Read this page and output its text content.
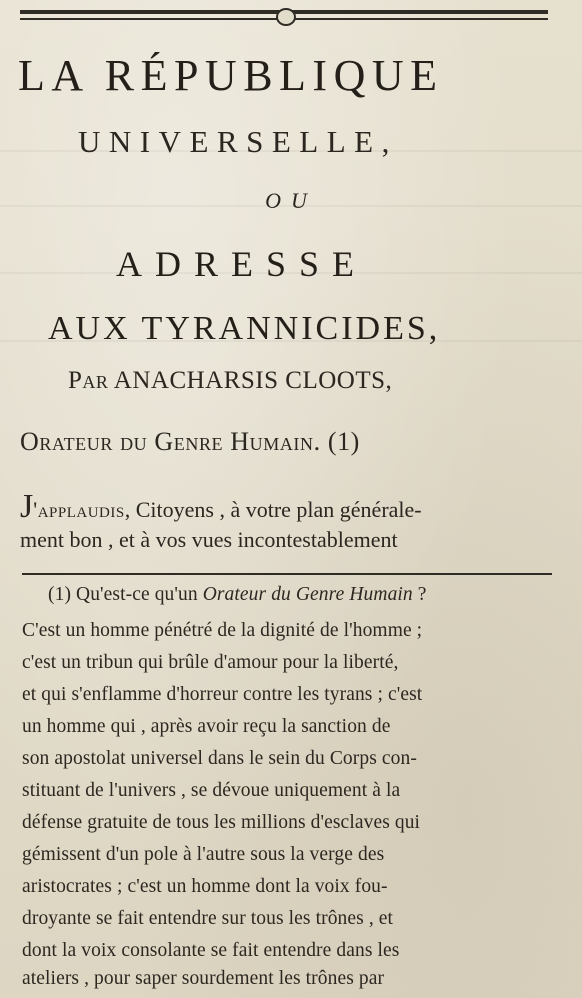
LA RÉPUBLIQUE
UNIVERSELLE,
OU
ADRESSE
AUX TYRANNICIDES,
Par ANACHARSIS CLOOTS,
Orateur du Genre Humain. (1)
J'applaudis, Citoyens , à votre plan générale-
ment bon , et à vos vues incontestablement
(1) Qu'est-ce qu'un Orateur du Genre Humain ?
C'est un homme pénétré de la dignité de l'homme ;
c'est un tribun qui brûle d'amour pour la liberté,
et qui s'enflamme d'horreur contre les tyrans ; c'est
un homme qui , après avoir reçu la sanction de
son apostolat universel dans le sein du Corps con-
stituant de l'univers , se dévoue uniquement à la
défense gratuite de tous les millions d'esclaves qui
gémissent d'un pole à l'autre sous la verge des
aristocrates ; c'est un homme dont la voix fou-
droyante se fait entendre sur tous les trônes , et
dont la voix consolante se fait entendre dans les
ateliers , pour saper sourdement les trônes par
